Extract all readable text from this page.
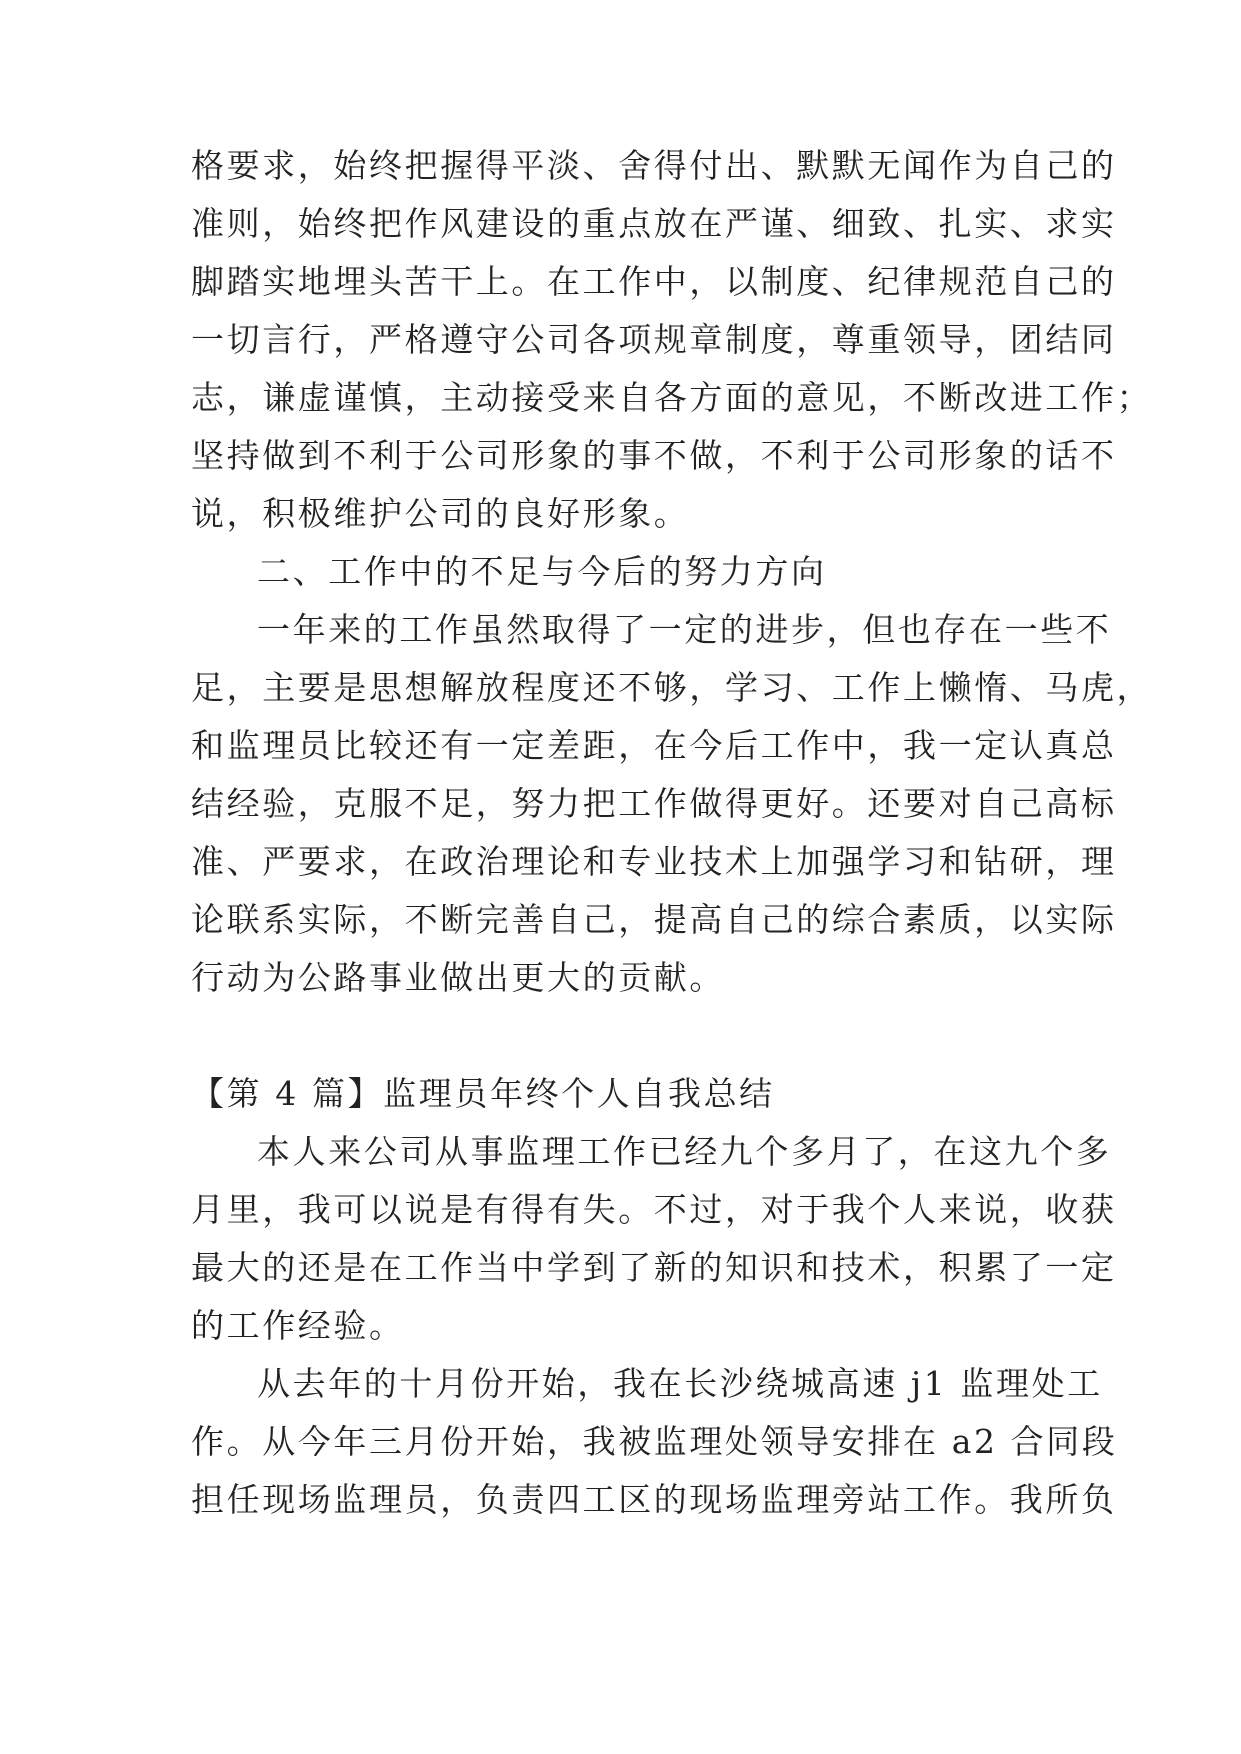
格要求，始终把握得平淡、舍得付出、默默无闻作为自己的
准则，始终把作风建设的重点放在严谨、细致、扎实、求实
脚踏实地埋头苦干上。在工作中，以制度、纪律规范自己的
一切言行，严格遵守公司各项规章制度，尊重领导，团结同
志，谦虚谨慎，主动接受来自各方面的意见，不断改进工作；
坚持做到不利于公司形象的事不做，不利于公司形象的话不
说，积极维护公司的良好形象。
二、工作中的不足与今后的努力方向
一年来的工作虽然取得了一定的进步，但也存在一些不
足，主要是思想解放程度还不够，学习、工作上懒惰、马虎，
和监理员比较还有一定差距，在今后工作中，我一定认真总
结经验，克服不足，努力把工作做得更好。还要对自己高标
准、严要求，在政治理论和专业技术上加强学习和钻研，理
论联系实际，不断完善自己，提高自己的综合素质，以实际
行动为公路事业做出更大的贡献。
【第 4 篇】监理员年终个人自我总结
本人来公司从事监理工作已经九个多月了，在这九个多
月里，我可以说是有得有失。不过，对于我个人来说，收获
最大的还是在工作当中学到了新的知识和技术，积累了一定
的工作经验。
从去年的十月份开始，我在长沙绕城高速 j1 监理处工
作。从今年三月份开始，我被监理处领导安排在 a2 合同段
担任现场监理员，负责四工区的现场监理旁站工作。我所负
